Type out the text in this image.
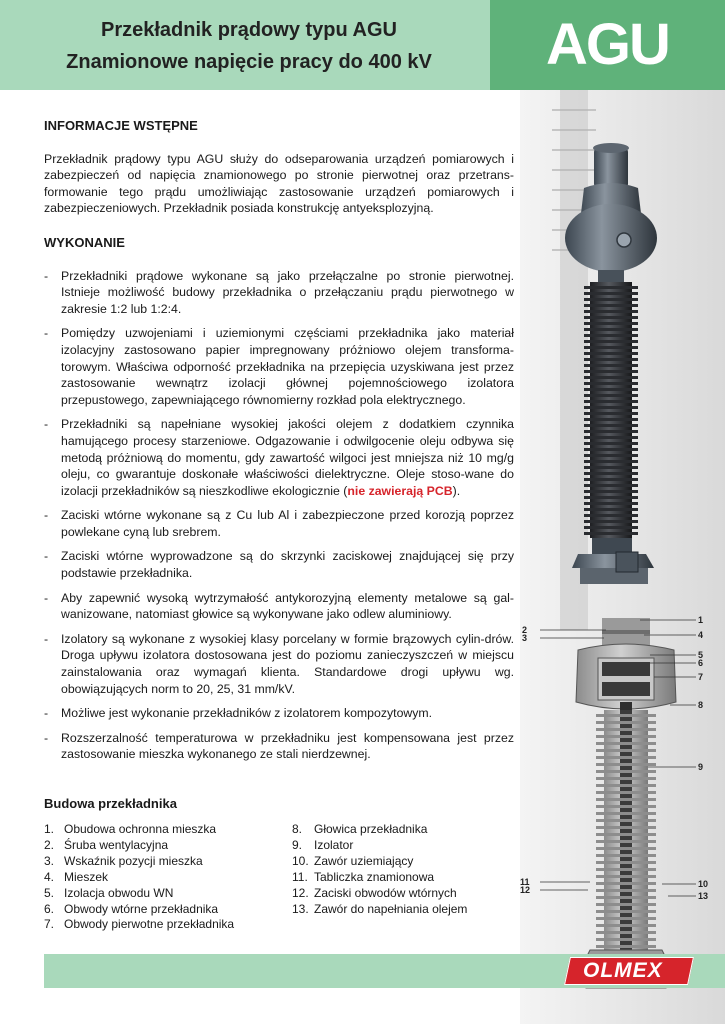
Przekładnik prądowy typu AGU
Znamionowe napięcie pracy do 400 kV	AGU
INFORMACJE WSTĘPNE

Przekładnik prądowy typu AGU służy do odseparowania urządzeń pomiarowych i zabezpieczeń od napięcia znamionowego po stronie pierwotnej oraz przetrans-formowanie tego prądu umożliwiając zastosowanie urządzeń pomiarowych i zabezpieczeniowych. Przekładnik posiada konstrukcję antyeksplozyjną.

WYKONANIE
- Przekładniki prądowe wykonane są jako przełączalne po stronie pierwotnej. Istnieje możliwość budowy przekładnika o przełączaniu prądu pierwotnego w zakresie 1:2 lub 1:2:4.
- Pomiędzy uzwojeniami i uziemionymi częściami przekładnika jako materiał izolacyjny zastosowano papier impregnowany próżniowo olejem transforma-torowym. Właściwa odporność przekładnika na przepięcia uzyskiwana jest przez zastosowanie wewnątrz izolacji głównej pojemnościowego izolatora przepustowego, zapewniającego równomierny rozkład pola elektrycznego.
- Przekładniki są napełniane wysokiej jakości olejem z dodatkiem czynnika hamującego procesy starzeniowe. Odgazowanie i odwilgocenie oleju odbywa się metodą próżniową do momentu, gdy zawartość wilgoci jest mniejsza niż 10 mg/g oleju, co gwarantuje doskonałe właściwości dielektryczne. Oleje stoso-wane do izolacji przekładników są nieszkodliwe ekologicznie (nie zawierają PCB).
- Zaciski wtórne wykonane są z Cu lub Al i zabezpieczone przed korozją poprzez powlekane cyną lub srebrem.
- Zaciski wtórne wyprowadzone są do skrzynki zaciskowej znajdującej się przy podstawie przekładnika.
- Aby zapewnić wysoką wytrzymałość antykorozyjną elementy metalowe są gal-wanizowane, natomiast głowice są wykonywane jako odlew aluminiowy.
- Izolatory są wykonane z wysokiej klasy porcelany w formie brązowych cylin-drów. Droga upływu izolatora dostosowana jest do poziomu zanieczyszczeń w miejscu zainstalowania oraz wymagań klienta. Standardowe drogi upływu wg. obowiązujących norm to 20, 25, 31 mm/kV.
- Możliwe jest wykonanie przekładników z izolatorem kompozytowym.
- Rozszerzalność temperaturowa w przekładniku jest kompensowana jest przez zastosowanie mieszka wykonanego ze stali nierdzewnej.
Budowa przekładnika
1. Obudowa ochronna mieszka
2. Śruba wentylacyjna
3. Wskaźnik pozycji mieszka
4. Mieszek
5. Izolacja obwodu WN
6. Obwody wtórne przekładnika
7. Obwody pierwotne przekładnika
8. Głowica przekładnika
9. Izolator
10. Zawór uziemiający
11. Tabliczka znamionowa
12. Zaciski obwodów wtórnych
13. Zawór do napełniania olejem
1
2
3	4
5
6
7
8
9
10
11
12
13
OLMEX
